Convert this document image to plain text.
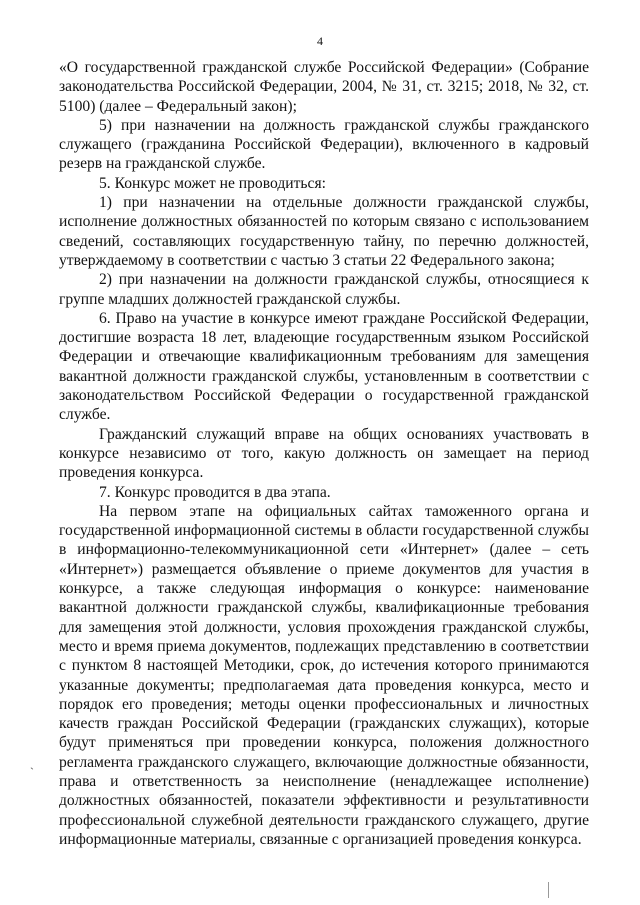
4

«О государственной гражданской службе Российской Федерации» (Собрание законодательства Российской Федерации, 2004, № 31, ст. 3215; 2018, № 32, ст. 5100) (далее – Федеральный закон);

5) при назначении на должность гражданской службы гражданского служащего (гражданина Российской Федерации), включенного в кадровый резерв на гражданской службе.

5. Конкурс может не проводиться:

1) при назначении на отдельные должности гражданской службы, исполнение должностных обязанностей по которым связано с использованием сведений, составляющих государственную тайну, по перечню должностей, утверждаемому в соответствии с частью 3 статьи 22 Федерального закона;

2) при назначении на должности гражданской службы, относящиеся к группе младших должностей гражданской службы.

6. Право на участие в конкурсе имеют граждане Российской Федерации, достигшие возраста 18 лет, владеющие государственным языком Российской Федерации и отвечающие квалификационным требованиям для замещения вакантной должности гражданской службы, установленным в соответствии с законодательством Российской Федерации о государственной гражданской службе.

Гражданский служащий вправе на общих основаниях участвовать в конкурсе независимо от того, какую должность он замещает на период проведения конкурса.

7. Конкурс проводится в два этапа.

На первом этапе на официальных сайтах таможенного органа и государственной информационной системы в области государственной службы в информационно-телекоммуникационной сети «Интернет» (далее – сеть «Интернет») размещается объявление о приеме документов для участия в конкурсе, а также следующая информация о конкурсе: наименование вакантной должности гражданской службы, квалификационные требования для замещения этой должности, условия прохождения гражданской службы, место и время приема документов, подлежащих представлению в соответствии с пунктом 8 настоящей Методики, срок, до истечения которого принимаются указанные документы; предполагаемая дата проведения конкурса, место и порядок его проведения; методы оценки профессиональных и личностных качеств граждан Российской Федерации (гражданских служащих), которые будут применяться при проведении конкурса, положения должностного регламента гражданского служащего, включающие должностные обязанности, права и ответственность за неисполнение (ненадлежащее исполнение) должностных обязанностей, показатели эффективности и результативности профессиональной служебной деятельности гражданского служащего, другие информационные материалы, связанные с организацией проведения конкурса.

ˏ
